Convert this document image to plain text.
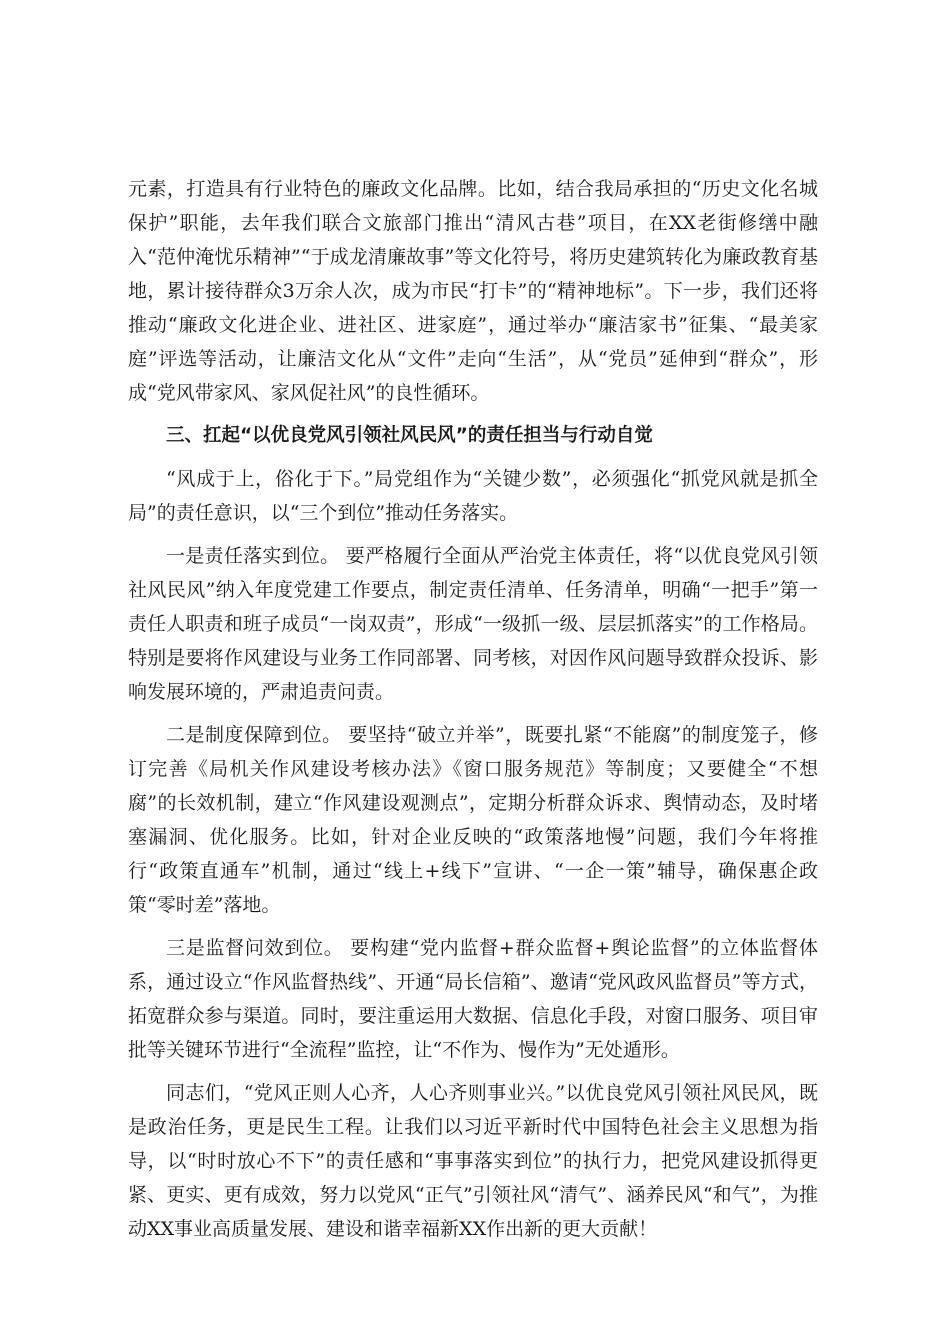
元素，打造具有行业特色的廉政文化品牌。比如，结合我局承担的“历史文化名城保护”职能，去年我们联合文旅部门推出“清风古巷”项目，在XX老街修缮中融入“范仲淹忧乐精神”“于成龙清廉故事”等文化符号，将历史建筑转化为廉政教育基地，累计接待群众3万余人次，成为市民“打卡”的“精神地标”。下一步，我们还将推动“廉政文化进企业、进社区、进家庭”，通过举办“廉洁家书”征集、“最美家庭”评选等活动，让廉洁文化从“文件”走向“生活”，从“党员”延伸到“群众”，形成“党风带家风、家风促社风”的良性循环。

三、扛起“以优良党风引领社风民风”的责任担当与行动自觉

“风成于上，俗化于下。”局党组作为“关键少数”，必须强化“抓党风就是抓全局”的责任意识，以“三个到位”推动任务落实。

一是责任落实到位。 要严格履行全面从严治党主体责任，将“以优良党风引领社风民风”纳入年度党建工作要点，制定责任清单、任务清单，明确“一把手”第一责任人职责和班子成员“一岗双责”，形成“一级抓一级、层层抓落实”的工作格局。特别是要将作风建设与业务工作同部署、同考核，对因作风问题导致群众投诉、影响发展环境的，严肃追责问责。

二是制度保障到位。 要坚持“破立并举”，既要扎紧“不能腐”的制度笼子，修订完善《局机关作风建设考核办法》《窗口服务规范》等制度；又要健全“不想腐”的长效机制，建立“作风建设观测点”，定期分析群众诉求、舆情动态，及时堵塞漏洞、优化服务。比如，针对企业反映的“政策落地慢”问题，我们今年将推行“政策直通车”机制，通过“线上+线下”宣讲、“一企一策”辅导，确保惠企政策“零时差”落地。

三是监督问效到位。 要构建“党内监督+群众监督+舆论监督”的立体监督体系，通过设立“作风监督热线”、开通“局长信箱”、邀请“党风政风监督员”等方式，拓宽群众参与渠道。同时，要注重运用大数据、信息化手段，对窗口服务、项目审批等关键环节进行“全流程”监控，让“不作为、慢作为”无处遁形。

同志们，“党风正则人心齐，人心齐则事业兴。”以优良党风引领社风民风，既是政治任务，更是民生工程。让我们以习近平新时代中国特色社会主义思想为指导，以“时时放心不下”的责任感和“事事落实到位”的执行力，把党风建设抓得更紧、更实、更有成效，努力以党风“正气”引领社风“清气”、涵养民风“和气”，为推动XX事业高质量发展、建设和谐幸福新XX作出新的更大贡献！
